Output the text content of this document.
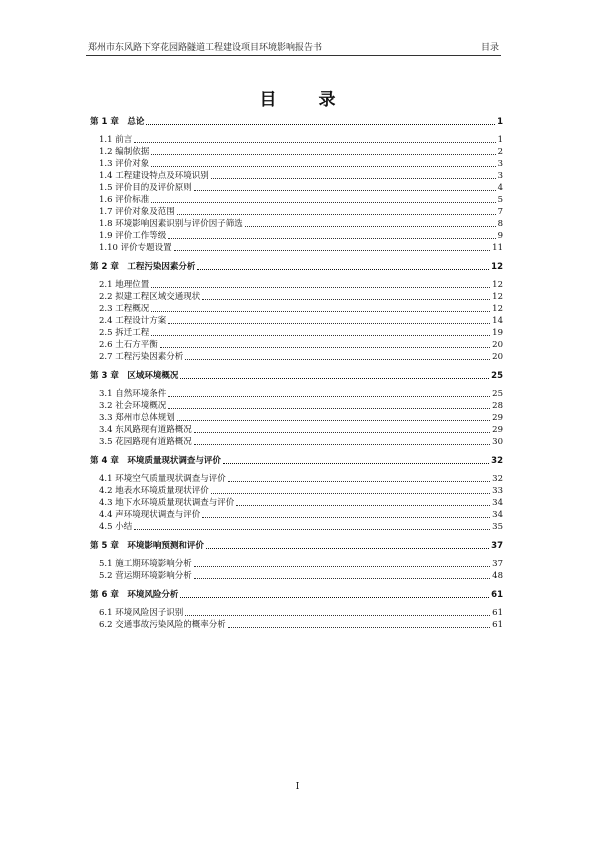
郑州市东风路下穿花园路隧道工程建设项目环境影响报告书	目录
目 录
第 1 章　总论	1
1.1 前言	1
1.2 编制依据	2
1.3 评价对象	3
1.4 工程建设特点及环境识别	3
1.5 评价目的及评价原则	4
1.6 评价标准	5
1.7 评价对象及范围	7
1.8 环境影响因素识别与评价因子筛选	8
1.9 评价工作等级	9
1.10 评价专题设置	11
第 2 章　工程污染因素分析	12
2.1 地理位置	12
2.2 拟建工程区域交通现状	12
2.3 工程概况	12
2.4 工程设计方案	14
2.5 拆迁工程	19
2.6 土石方平衡	20
2.7 工程污染因素分析	20
第 3 章　区域环境概况	25
3.1 自然环境条件	25
3.2 社会环境概况	28
3.3 郑州市总体规划	29
3.4 东风路现有道路概况	29
3.5 花园路现有道路概况	30
第 4 章　环境质量现状调查与评价	32
4.1 环境空气质量现状调查与评价	32
4.2 地表水环境质量现状评价	33
4.3 地下水环境质量现状调查与评价	34
4.4 声环境现状调查与评价	34
4.5 小结	35
第 5 章　环境影响预测和评价	37
5.1 施工期环境影响分析	37
5.2 营运期环境影响分析	48
第 6 章　环境风险分析	61
6.1 环境风险因子识别	61
6.2 交通事故污染风险的概率分析	61
I
